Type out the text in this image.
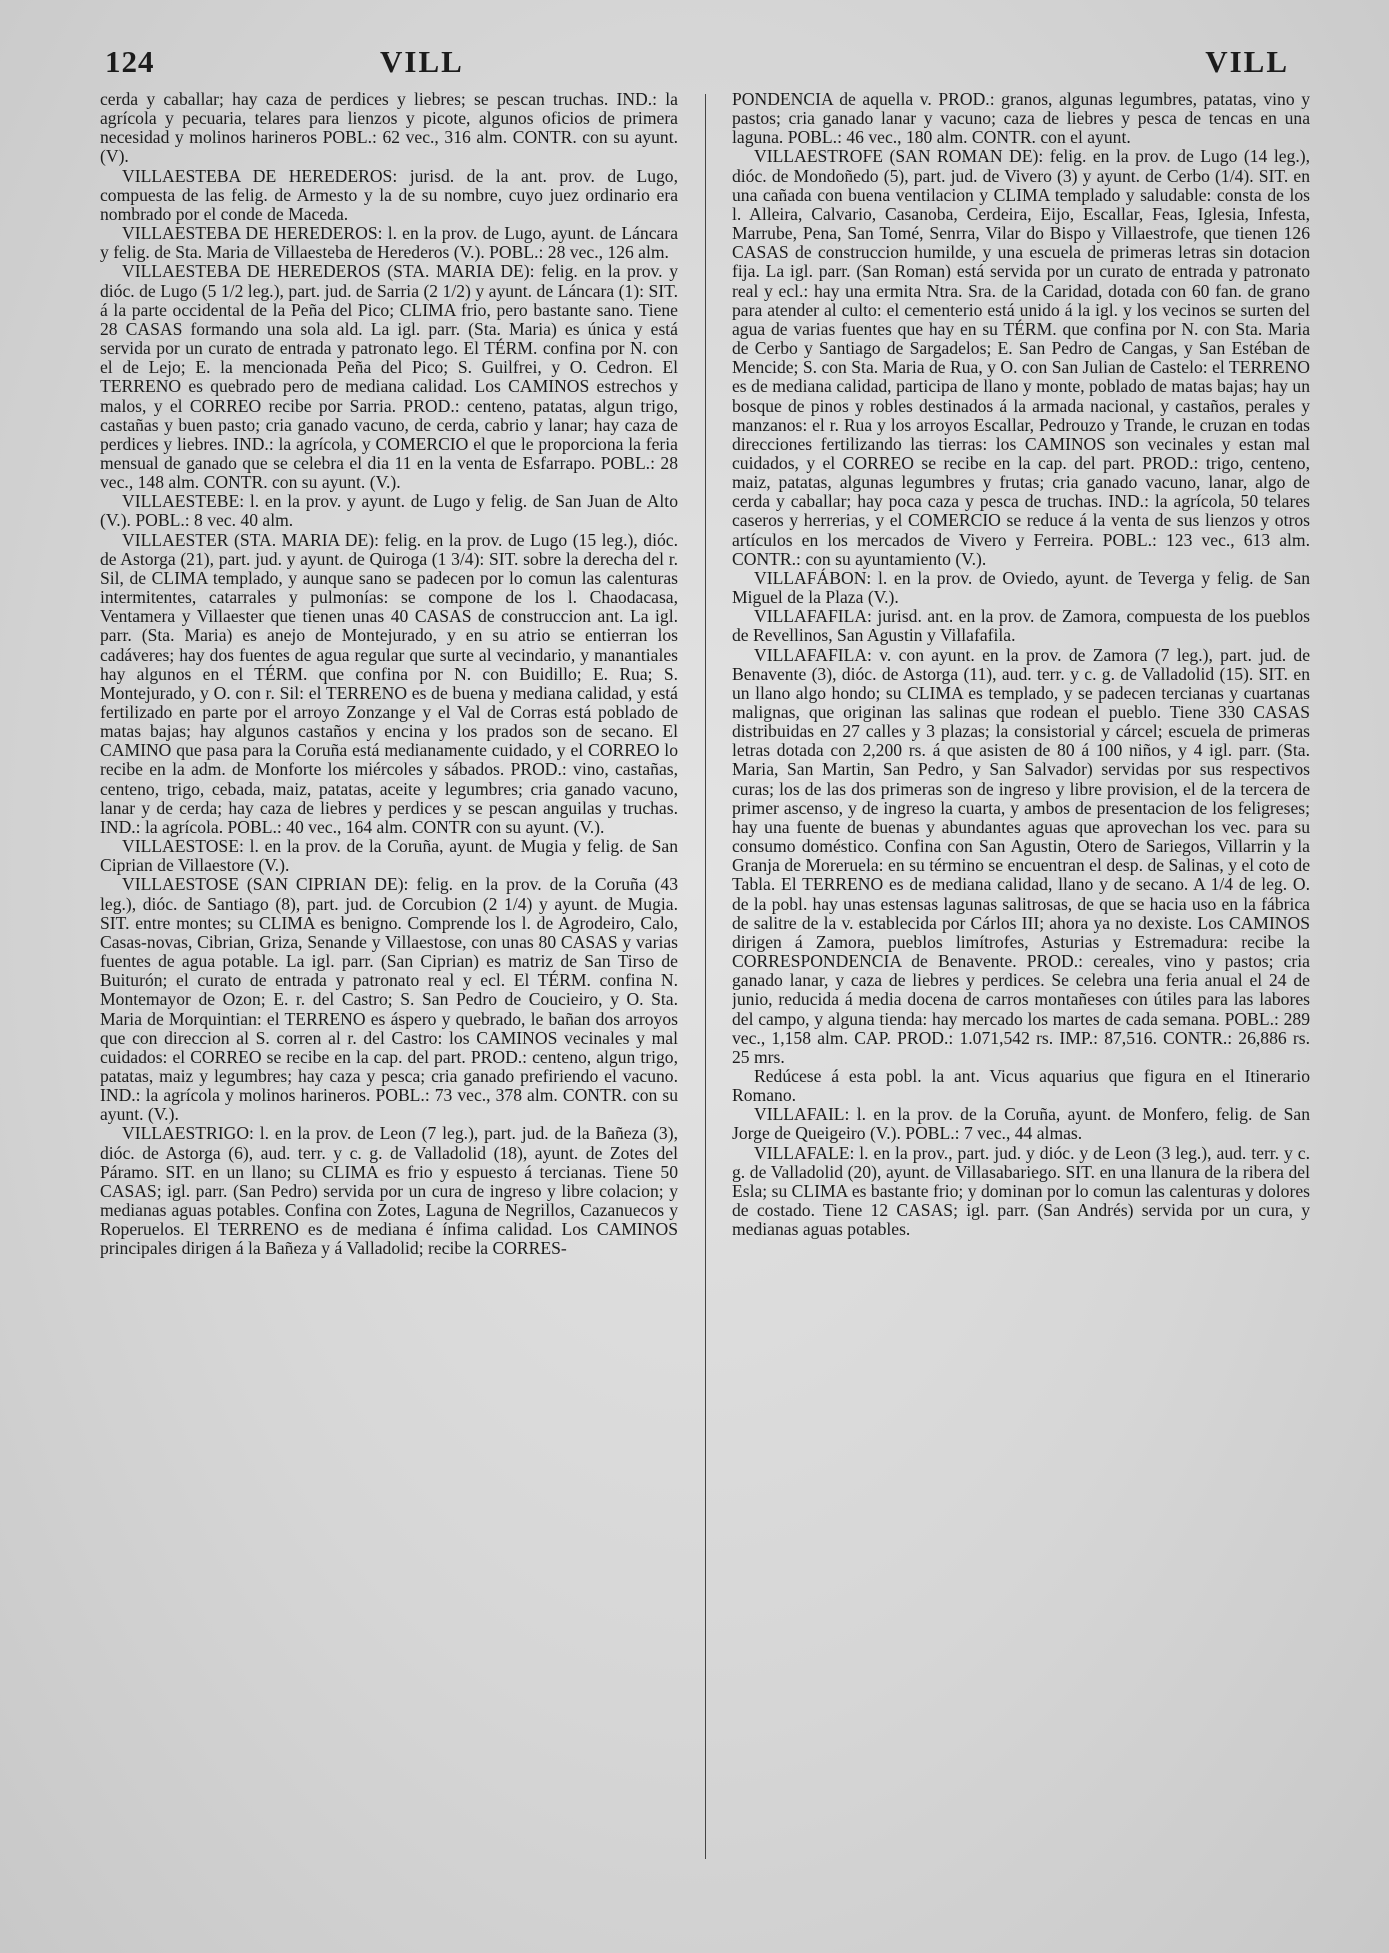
124	VILL	VILL

cerda y caballar; hay caza de perdices y liebres; se pescan truchas. IND.: la agrícola y pecuaria, telares para lienzos y picote, algunos oficios de primera necesidad y molinos harineros POBL.: 62 vec., 316 alm. CONTR. con su ayunt. (V).

VILLAESTEBA DE HEREDEROS: jurisd. de la ant. prov. de Lugo, compuesta de las felig. de Armesto y la de su nombre, cuyo juez ordinario era nombrado por el conde de Maceda.

VILLAESTEBA DE HEREDEROS: l. en la prov. de Lugo, ayunt. de Láncara y felig. de Sta. Maria de Villaesteba de Herederos (V.). POBL.: 28 vec., 126 alm.

VILLAESTEBA DE HEREDEROS (STA. MARIA DE): felig. en la prov. y dióc. de Lugo (5 1/2 leg.), part. jud. de Sarria (2 1/2) y ayunt. de Láncara (1): SIT. á la parte occidental de la Peña del Pico; CLIMA frio, pero bastante sano. Tiene 28 CASAS formando una sola ald. La igl. parr. (Sta. Maria) es única y está servida por un curato de entrada y patronato lego. El TÉRM. confina por N. con el de Lejo; E. la mencionada Peña del Pico; S. Guilfrei, y O. Cedron. El TERRENO es quebrado pero de mediana calidad. Los CAMINOS estrechos y malos, y el CORREO recibe por Sarria. PROD.: centeno, patatas, algun trigo, castañas y buen pasto; cria ganado vacuno, de cerda, cabrio y lanar; hay caza de perdices y liebres. IND.: la agrícola, y COMERCIO el que le proporciona la feria mensual de ganado que se celebra el dia 11 en la venta de Esfarrapo. POBL.: 28 vec., 148 alm. CONTR. con su ayunt. (V.).

VILLAESTEBE: l. en la prov. y ayunt. de Lugo y felig. de San Juan de Alto (V.). POBL.: 8 vec. 40 alm.

VILLAESTER (STA. MARIA DE): felig. en la prov. de Lugo (15 leg.), dióc. de Astorga (21), part. jud. y ayunt. de Quiroga (1 3/4): SIT. sobre la derecha del r. Sil, de CLIMA templado, y aunque sano se padecen por lo comun las calenturas intermitentes, catarrales y pulmonías: se compone de los l. Chaodacasa, Ventamera y Villaester que tienen unas 40 CASAS de construccion ant. La igl. parr. (Sta. Maria) es anejo de Montejurado, y en su atrio se entierran los cadáveres; hay dos fuentes de agua regular que surte al vecindario, y manantiales hay algunos en el TÉRM. que confina por N. con Buidillo; E. Rua; S. Montejurado, y O. con r. Sil: el TERRENO es de buena y mediana calidad, y está fertilizado en parte por el arroyo Zonzange y el Val de Corras está poblado de matas bajas; hay algunos castaños y encina y los prados son de secano. El CAMINO que pasa para la Coruña está medianamente cuidado, y el CORREO lo recibe en la adm. de Monforte los miércoles y sábados. PROD.: vino, castañas, centeno, trigo, cebada, maiz, patatas, aceite y legumbres; cria ganado vacuno, lanar y de cerda; hay caza de liebres y perdices y se pescan anguilas y truchas. IND.: la agrícola. POBL.: 40 vec., 164 alm. CONTR con su ayunt. (V.).

VILLAESTOSE: l. en la prov. de la Coruña, ayunt. de Mugia y felig. de San Ciprian de Villaestore (V.).

VILLAESTOSE (SAN CIPRIAN DE): felig. en la prov. de la Coruña (43 leg.), dióc. de Santiago (8), part. jud. de Corcubion (2 1/4) y ayunt. de Mugia. SIT. entre montes; su CLIMA es benigno. Comprende los l. de Agrodeiro, Calo, Casas-novas, Cibrian, Griza, Senande y Villaestose, con unas 80 CASAS y varias fuentes de agua potable. La igl. parr. (San Ciprian) es matriz de San Tirso de Buiturón; el curato de entrada y patronato real y ecl. El TÉRM. confina N. Montemayor de Ozon; E. r. del Castro; S. San Pedro de Coucieiro, y O. Sta. Maria de Morquintian: el TERRENO es áspero y quebrado, le bañan dos arroyos que con direccion al S. corren al r. del Castro: los CAMINOS vecinales y mal cuidados: el CORREO se recibe en la cap. del part. PROD.: centeno, algun trigo, patatas, maiz y legumbres; hay caza y pesca; cria ganado prefiriendo el vacuno. IND.: la agrícola y molinos harineros. POBL.: 73 vec., 378 alm. CONTR. con su ayunt. (V.).

VILLAESTRIGO: l. en la prov. de Leon (7 leg.), part. jud. de la Bañeza (3), dióc. de Astorga (6), aud. terr. y c. g. de Valladolid (18), ayunt. de Zotes del Páramo. SIT. en un llano; su CLIMA es frio y espuesto á tercianas. Tiene 50 CASAS; igl. parr. (San Pedro) servida por un cura de ingreso y libre colacion; y medianas aguas potables. Confina con Zotes, Laguna de Negrillos, Cazanuecos y Roperuelos. El TERRENO es de mediana é ínfima calidad. Los CAMINOS principales dirigen á la Bañeza y á Valladolid; recibe la CORRES-

PONDENCIA de aquella v. PROD.: granos, algunas legumbres, patatas, vino y pastos; cria ganado lanar y vacuno; caza de liebres y pesca de tencas en una laguna. POBL.: 46 vec., 180 alm. CONTR. con el ayunt.

VILLAESTROFE (SAN ROMAN DE): felig. en la prov. de Lugo (14 leg.), dióc. de Mondoñedo (5), part. jud. de Vivero (3) y ayunt. de Cerbo (1/4). SIT. en una cañada con buena ventilacion y CLIMA templado y saludable: consta de los l. Alleira, Calvario, Casanoba, Cerdeira, Eijo, Escallar, Feas, Iglesia, Infesta, Marrube, Pena, San Tomé, Senrra, Vilar do Bispo y Villaestrofe, que tienen 126 CASAS de construccion humilde, y una escuela de primeras letras sin dotacion fija. La igl. parr. (San Roman) está servida por un curato de entrada y patronato real y ecl.: hay una ermita Ntra. Sra. de la Caridad, dotada con 60 fan. de grano para atender al culto: el cementerio está unido á la igl. y los vecinos se surten del agua de varias fuentes que hay en su TÉRM. que confina por N. con Sta. Maria de Cerbo y Santiago de Sargadelos; E. San Pedro de Cangas, y San Estéban de Mencide; S. con Sta. Maria de Rua, y O. con San Julian de Castelo: el TERRENO es de mediana calidad, participa de llano y monte, poblado de matas bajas; hay un bosque de pinos y robles destinados á la armada nacional, y castaños, perales y manzanos: el r. Rua y los arroyos Escallar, Pedrouzo y Trande, le cruzan en todas direcciones fertilizando las tierras: los CAMINOS son vecinales y estan mal cuidados, y el CORREO se recibe en la cap. del part. PROD.: trigo, centeno, maiz, patatas, algunas legumbres y frutas; cria ganado vacuno, lanar, algo de cerda y caballar; hay poca caza y pesca de truchas. IND.: la agrícola, 50 telares caseros y herrerias, y el COMERCIO se reduce á la venta de sus lienzos y otros artículos en los mercados de Vivero y Ferreira. POBL.: 123 vec., 613 alm. CONTR.: con su ayuntamiento (V.).

VILLAFÁBON: l. en la prov. de Oviedo, ayunt. de Teverga y felig. de San Miguel de la Plaza (V.).

VILLAFAFILA: jurisd. ant. en la prov. de Zamora, compuesta de los pueblos de Revellinos, San Agustin y Villafafila.

VILLAFAFILA: v. con ayunt. en la prov. de Zamora (7 leg.), part. jud. de Benavente (3), dióc. de Astorga (11), aud. terr. y c. g. de Valladolid (15). SIT. en un llano algo hondo; su CLIMA es templado, y se padecen tercianas y cuartanas malignas, que originan las salinas que rodean el pueblo. Tiene 330 CASAS distribuidas en 27 calles y 3 plazas; la consistorial y cárcel; escuela de primeras letras dotada con 2,200 rs. á que asisten de 80 á 100 niños, y 4 igl. parr. (Sta. Maria, San Martin, San Pedro, y San Salvador) servidas por sus respectivos curas; los de las dos primeras son de ingreso y libre provision, el de la tercera de primer ascenso, y de ingreso la cuarta, y ambos de presentacion de los feligreses; hay una fuente de buenas y abundantes aguas que aprovechan los vec. para su consumo doméstico. Confina con San Agustin, Otero de Sariegos, Villarrin y la Granja de Moreruela: en su término se encuentran el desp. de Salinas, y el coto de Tabla. El TERRENO es de mediana calidad, llano y de secano. A 1/4 de leg. O. de la pobl. hay unas estensas lagunas salitrosas, de que se hacia uso en la fábrica de salitre de la v. establecida por Cárlos III; ahora ya no dexiste. Los CAMINOS dirigen á Zamora, pueblos limítrofes, Asturias y Estremadura: recibe la CORRESPONDENCIA de Benavente. PROD.: cereales, vino y pastos; cria ganado lanar, y caza de liebres y perdices. Se celebra una feria anual el 24 de junio, reducida á media docena de carros montañeses con útiles para las labores del campo, y alguna tienda: hay mercado los martes de cada semana. POBL.: 289 vec., 1,158 alm. CAP. PROD.: 1.071,542 rs. IMP.: 87,516. CONTR.: 26,886 rs. 25 mrs.

Redúcese á esta pobl. la ant. Vicus aquarius que figura en el Itinerario Romano.

VILLAFAIL: l. en la prov. de la Coruña, ayunt. de Monfero, felig. de San Jorge de Queigeiro (V.). POBL.: 7 vec., 44 almas.

VILLAFALE: l. en la prov., part. jud. y dióc. y de Leon (3 leg.), aud. terr. y c. g. de Valladolid (20), ayunt. de Villasabariego. SIT. en una llanura de la ribera del Esla; su CLIMA es bastante frio; y dominan por lo comun las calenturas y dolores de costado. Tiene 12 CASAS; igl. parr. (San Andrés) servida por un cura, y medianas aguas potables.
